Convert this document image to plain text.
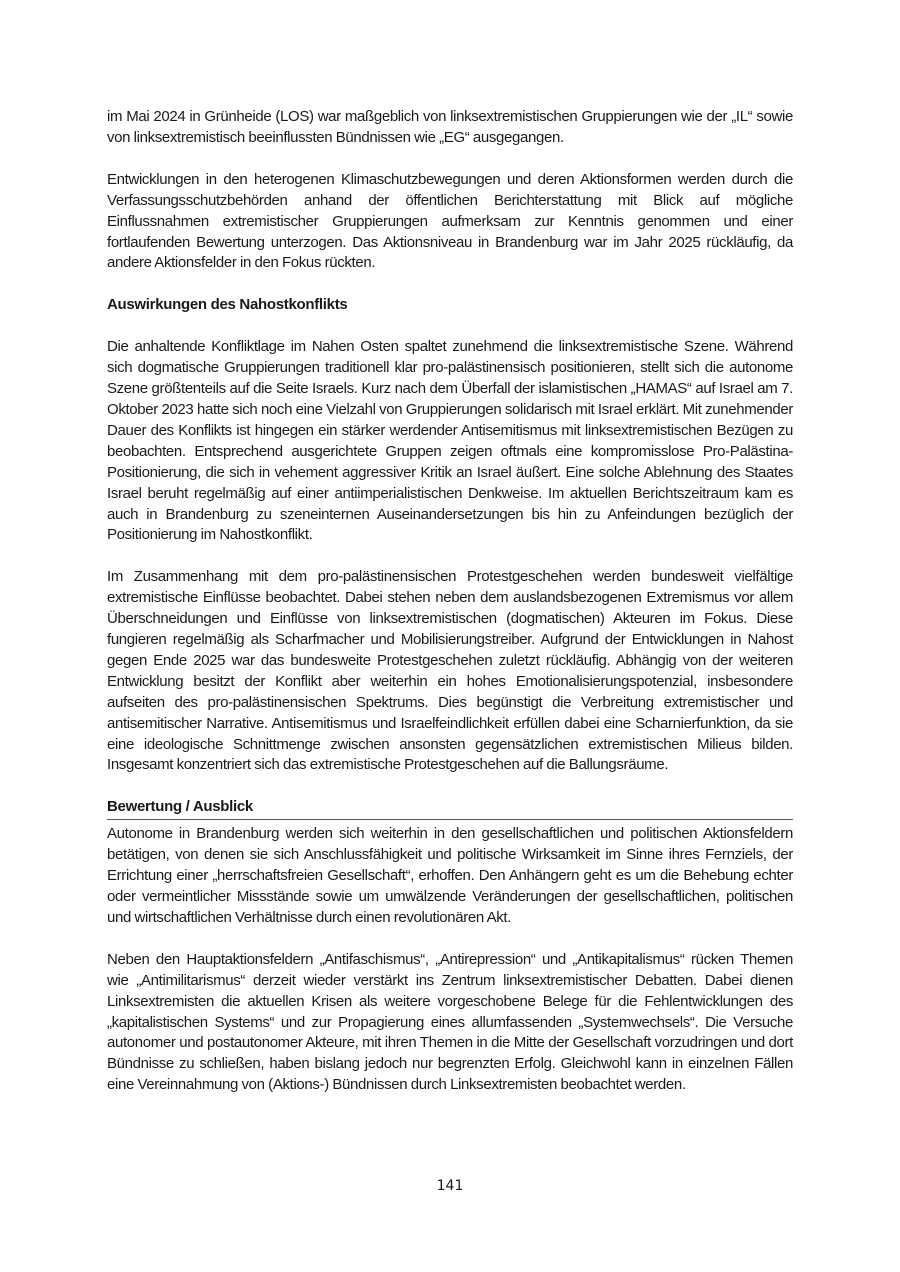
im Mai 2024 in Grünheide (LOS) war maßgeblich von linksextremistischen Gruppierungen wie der „IL“ sowie von linksextremistisch beeinflussten Bündnissen wie „EG“ ausgegangen.

Entwicklungen in den heterogenen Klimaschutzbewegungen und deren Aktionsformen werden durch die Verfassungsschutzbehörden anhand der öffentlichen Berichterstattung mit Blick auf mögliche Einflussnahmen extremistischer Gruppierungen aufmerksam zur Kenntnis genommen und einer fortlaufenden Bewertung unterzogen. Das Aktionsniveau in Brandenburg war im Jahr 2025 rückläufig, da andere Aktionsfelder in den Fokus rückten.

Auswirkungen des Nahostkonflikts

Die anhaltende Konfliktlage im Nahen Osten spaltet zunehmend die linksextremistische Szene. Während sich dogmatische Gruppierungen traditionell klar pro-palästinensisch positionieren, stellt sich die autonome Szene größtenteils auf die Seite Israels. Kurz nach dem Überfall der islamistischen „HAMAS“ auf Israel am 7. Oktober 2023 hatte sich noch eine Vielzahl von Gruppierungen solidarisch mit Israel erklärt. Mit zunehmender Dauer des Konflikts ist hingegen ein stärker werdender Antisemitismus mit linksextremistischen Bezügen zu beobachten. Entsprechend ausgerichtete Gruppen zeigen oftmals eine kompromisslose Pro-Palästina-Positionierung, die sich in vehement aggressiver Kritik an Israel äußert. Eine solche Ablehnung des Staates Israel beruht regelmäßig auf einer antiimperialistischen Denkweise. Im aktuellen Berichtszeitraum kam es auch in Brandenburg zu szeneinternen Auseinandersetzungen bis hin zu Anfeindungen bezüglich der Positionierung im Nahostkonflikt.

Im Zusammenhang mit dem pro-palästinensischen Protestgeschehen werden bundesweit vielfältige extremistische Einflüsse beobachtet. Dabei stehen neben dem auslandsbezogenen Extremismus vor allem Überschneidungen und Einflüsse von linksextremistischen (dogmatischen) Akteuren im Fokus. Diese fungieren regelmäßig als Scharfmacher und Mobilisierungstreiber. Aufgrund der Entwicklungen in Nahost gegen Ende 2025 war das bundesweite Protestgeschehen zuletzt rückläufig. Abhängig von der weiteren Entwicklung besitzt der Konflikt aber weiterhin ein hohes Emotionalisierungspotenzial, insbesondere aufseiten des pro-palästinensischen Spektrums. Dies begünstigt die Verbreitung extremistischer und antisemitischer Narrative. Antisemitismus und Israelfeindlichkeit erfüllen dabei eine Scharnierfunktion, da sie eine ideologische Schnittmenge zwischen ansonsten gegensätzlichen extremistischen Milieus bilden. Insgesamt konzentriert sich das extremistische Protestgeschehen auf die Ballungsräume.

Bewertung / Ausblick

Autonome in Brandenburg werden sich weiterhin in den gesellschaftlichen und politischen Aktionsfeldern betätigen, von denen sie sich Anschlussfähigkeit und politische Wirksamkeit im Sinne ihres Fernziels, der Errichtung einer „herrschaftsfreien Gesellschaft“, erhoffen. Den Anhängern geht es um die Behebung echter oder vermeintlicher Missstände sowie um umwälzende Veränderungen der gesellschaftlichen, politischen und wirtschaftlichen Verhältnisse durch einen revolutionären Akt.

Neben den Hauptaktionsfeldern „Antifaschismus“, „Antirepression“ und „Antikapitalismus“ rücken Themen wie „Antimilitarismus“ derzeit wieder verstärkt ins Zentrum linksextremistischer Debatten. Dabei dienen Linksextremisten die aktuellen Krisen als weitere vorgeschobene Belege für die Fehlentwicklungen des „kapitalistischen Systems“ und zur Propagierung eines allumfassenden „Systemwechsels“. Die Versuche autonomer und postautonomer Akteure, mit ihren Themen in die Mitte der Gesellschaft vorzudringen und dort Bündnisse zu schließen, haben bislang jedoch nur begrenzten Erfolg. Gleichwohl kann in einzelnen Fällen eine Vereinnahmung von (Aktions-) Bündnissen durch Linksextremisten beobachtet werden.

141
